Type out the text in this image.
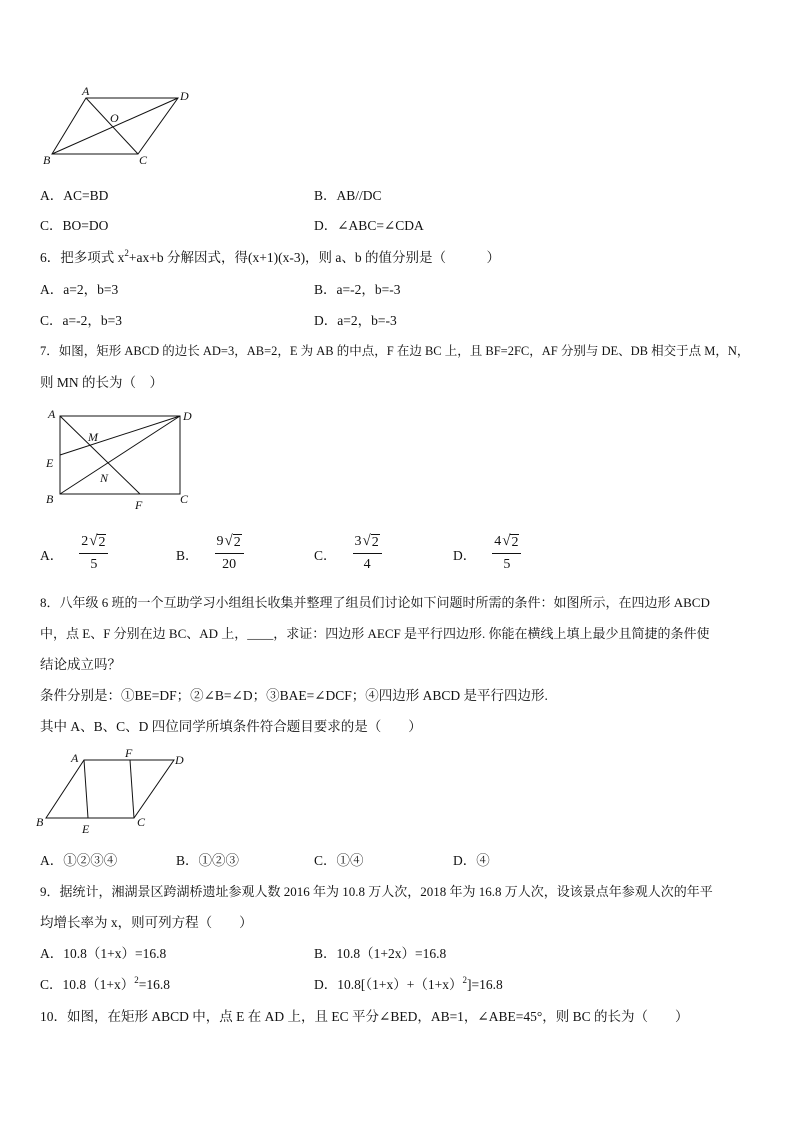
A	D
O
B	C
A．AC=BD	B．AB//DC
C．BO=DO	D．∠ABC=∠CDA
6．把多项式 $x^2+ax+b$ 分解因式，得(x+1)(x-3)，则 a、b 的值分别是（　　　）
A．a=2，b=3	B．a=-2，b=-3
C．a=-2，b=3	D．a=2，b=-3
7．如图，矩形 ABCD 的边长 AD=3，AB=2，E 为 AB 的中点，F 在边 BC 上，且 BF=2FC，AF 分别与 DE、DB 相交于点 M，N，
则 MN 的长为（　）
A	D
M
E
N
B	C
F
A．
2 √ 2
5
B．
9 √ 2
20
C．
3 √ 2
4
D．
4 √ 2
5
8．八年级 6 班的一个互助学习小组组长收集并整理了组员们讨论如下问题时所需的条件：如图所示，在四边形 ABCD
中，点 E、F 分别在边 BC、AD 上，____，求证：四边形 AECF 是平行四边形. 你能在横线上填上最少且简捷的条件使
结论成立吗？
条件分别是：①BE=DF；②∠B=∠D；③BAE=∠DCF；④四边形 ABCD 是平行四边形.
其中 A、B、C、D 四位同学所填条件符合题目要求的是（　　）
A	F	D
B	E	C
A．①②③④	B．①②③	C．①④	D．④
9．据统计，湘湖景区跨湖桥遗址参观人数 2016 年为 10.8 万人次，2018 年为 16.8 万人次，设该景点年参观人次的年平
均增长率为 x，则可列方程（　　）
A．10.8（1+x）=16.8	B．10.8（1+2x）=16.8
C．$10.8(1+x)^2=16.8$	D．$10.8[(1+x)+(1+x)^2]=16.8$
10．如图，在矩形 ABCD 中，点 E 在 AD 上，且 EC 平分∠BED，AB=1，∠ABE=45°，则 BC 的长为（　　）
